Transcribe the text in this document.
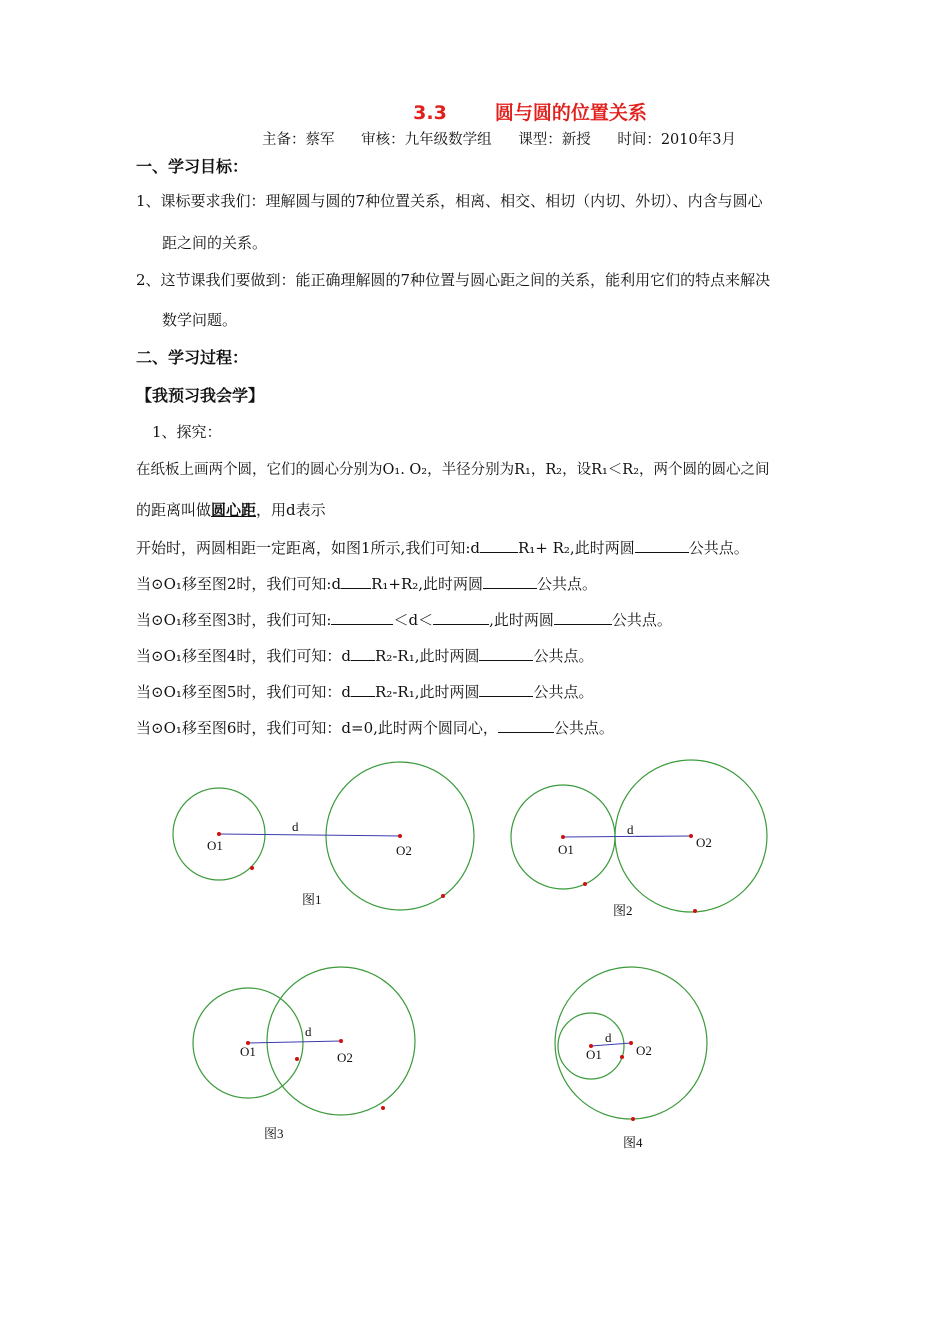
3.3	圆与圆的位置关系
主备：蔡军 审核：九年级数学组 课型：新授 时间：2010年3月
一、学习目标：
1、课标要求我们：理解圆与圆的7种位置关系，相离、相交、相切（内切、外切）、内含与圆心
距之间的关系。
2、这节课我们要做到：能正确理解圆的7种位置与圆心距之间的关系，能利用它们的特点来解决
数学问题。
二、学习过程：
【我预习我会学】
1、探究：
在纸板上画两个圆，它们的圆心分别为O₁. O₂，半径分别为R₁，R₂，设R₁＜R₂，两个圆的圆心之间
的距离叫做圆心距，用d表示
开始时，两圆相距一定距离，如图1所示,我们可知:d	R₁+ R₂,此时两圆	公共点。
当⊙O₁移至图2时，我们可知:d R₁+R₂,此时两圆	公共点。
当⊙O₁移至图3时，我们可知:	＜d＜	,此时两圆	公共点。
当⊙O₁移至图4时，我们可知：d R₂-R₁,此时两圆	公共点。
当⊙O₁移至图5时，我们可知：d R₂-R₁,此时两圆	公共点。
当⊙O₁移至图6时，我们可知：d=0,此时两个圆同心，	公共点。
O1	O2
d
图1
O1	O2
d
图2
O1	O2
d
图3
O1	O2
d
图4
